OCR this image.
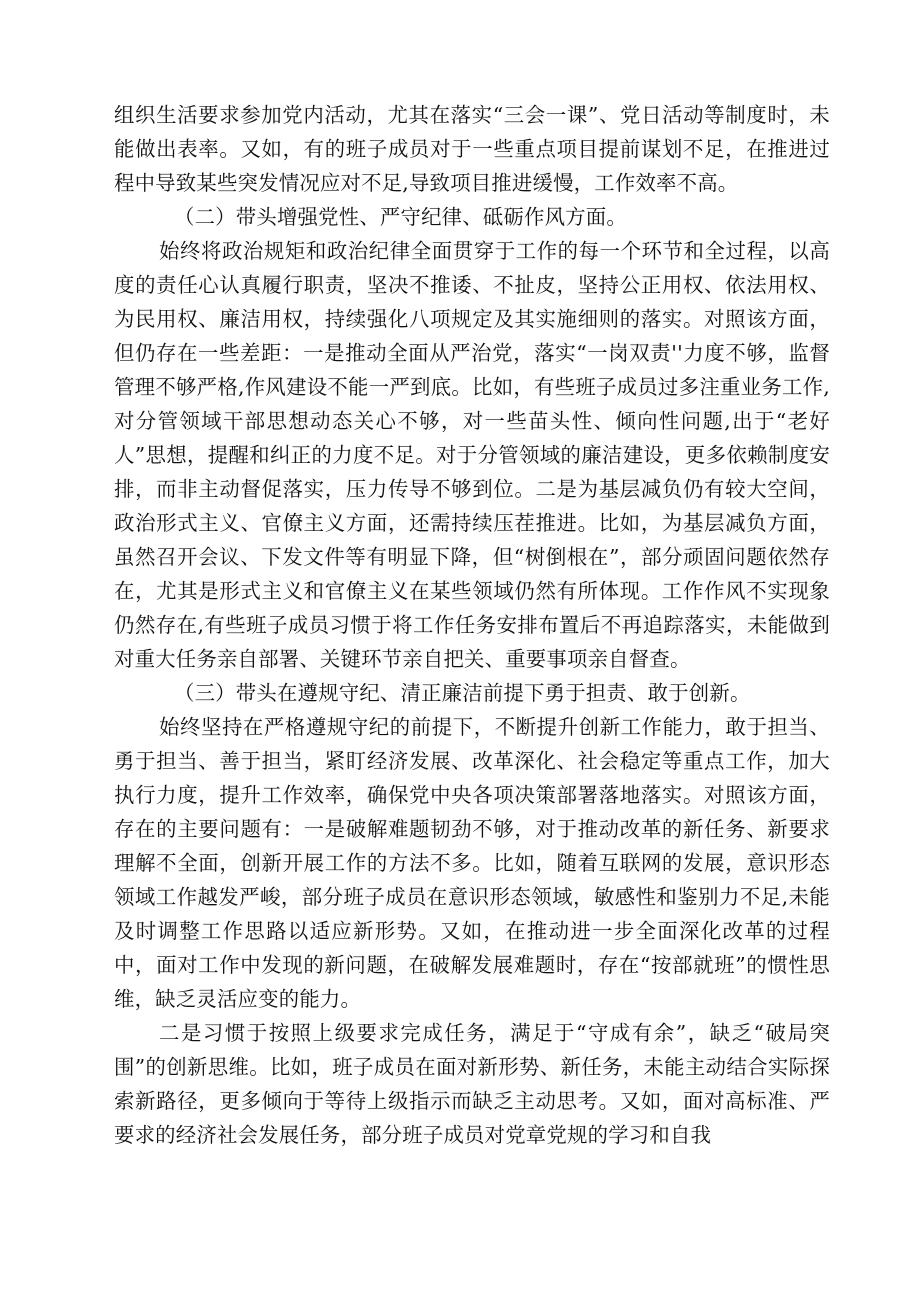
组织生活要求参加党内活动，尤其在落实“三会一课”、党日活动等制度时，未能做出表率。又如，有的班子成员对于一些重点项目提前谋划不足，在推进过程中导致某些突发情况应对不足,导致项目推进缓慢，工作效率不高。

（二）带头增强党性、严守纪律、砥砺作风方面。

始终将政治规矩和政治纪律全面贯穿于工作的每一个环节和全过程，以高度的责任心认真履行职责，坚决不推诿、不扯皮，坚持公正用权、依法用权、为民用权、廉洁用权，持续强化八项规定及其实施细则的落实。对照该方面，但仍存在一些差距：一是推动全面从严治党，落实“一岗双责''力度不够，监督管理不够严格,作风建设不能一严到底。比如，有些班子成员过多注重业务工作,对分管领域干部思想动态关心不够，对一些苗头性、倾向性问题,出于“老好人”思想，提醒和纠正的力度不足。对于分管领域的廉洁建设，更多依赖制度安排，而非主动督促落实，压力传导不够到位。二是为基层减负仍有较大空间，政治形式主义、官僚主义方面，还需持续压茬推进。比如，为基层减负方面，虽然召开会议、下发文件等有明显下降，但“树倒根在”，部分顽固问题依然存在，尤其是形式主义和官僚主义在某些领域仍然有所体现。工作作风不实现象仍然存在,有些班子成员习惯于将工作任务安排布置后不再追踪落实，未能做到对重大任务亲自部署、关键环节亲自把关、重要事项亲自督查。

（三）带头在遵规守纪、清正廉洁前提下勇于担责、敢于创新。

始终坚持在严格遵规守纪的前提下，不断提升创新工作能力，敢于担当、勇于担当、善于担当，紧盯经济发展、改革深化、社会稳定等重点工作，加大执行力度，提升工作效率，确保党中央各项决策部署落地落实。对照该方面，存在的主要问题有：一是破解难题韧劲不够，对于推动改革的新任务、新要求理解不全面，创新开展工作的方法不多。比如，随着互联网的发展，意识形态领域工作越发严峻，部分班子成员在意识形态领域，敏感性和鉴别力不足,未能及时调整工作思路以适应新形势。又如，在推动进一步全面深化改革的过程中，面对工作中发现的新问题，在破解发展难题时，存在“按部就班”的惯性思维，缺乏灵活应变的能力。

二是习惯于按照上级要求完成任务，满足于“守成有余”，缺乏“破局突围”的创新思维。比如，班子成员在面对新形势、新任务，未能主动结合实际探索新路径，更多倾向于等待上级指示而缺乏主动思考。又如，面对高标准、严要求的经济社会发展任务，部分班子成员对党章党规的学习和自我
